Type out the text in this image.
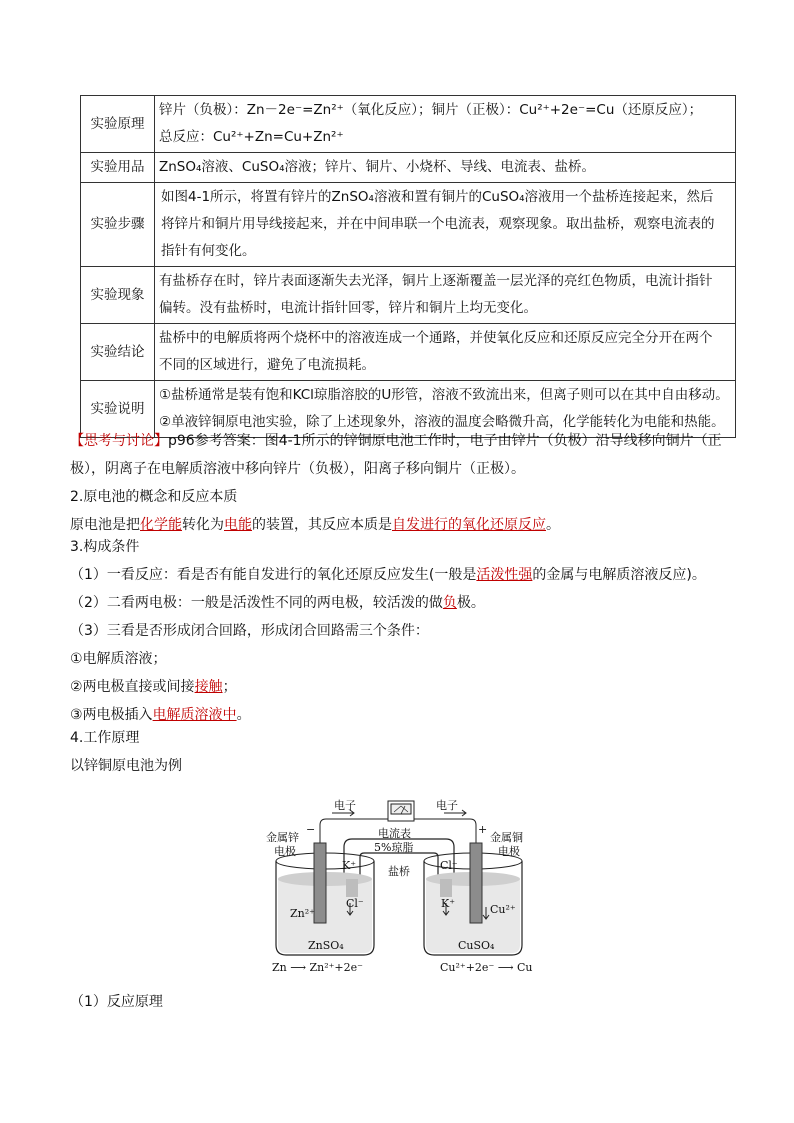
实验原理	锌片（负极）：Zn－2e⁻=Zn²⁺（氧化反应）；铜片（正极）：Cu²⁺+2e⁻=Cu（还原反应）；
总反应：Cu²⁺+Zn=Cu+Zn²⁺

实验用品	ZnSO₄溶液、CuSO₄溶液；锌片、铜片、小烧杯、导线、电流表、盐桥。

实验步骤	如图4-1所示，将置有锌片的ZnSO₄溶液和置有铜片的CuSO₄溶液用一个盐桥连接起来，然后
将锌片和铜片用导线接起来，并在中间串联一个电流表，观察现象。取出盐桥，观察电流表的
指针有何变化。

实验现象	有盐桥存在时，锌片表面逐渐失去光泽，铜片上逐渐覆盖一层光泽的亮红色物质，电流计指针
偏转。没有盐桥时，电流计指针回零，锌片和铜片上均无变化。

实验结论	盐桥中的电解质将两个烧杯中的溶液连成一个通路，并使氧化反应和还原反应完全分开在两个
不同的区域进行，避免了电流损耗。

实验说明	①盐桥通常是装有饱和KCl琼脂溶胶的U形管，溶液不致流出来，但离子则可以在其中自由移动。
②单液锌铜原电池实验，除了上述现象外，溶液的温度会略微升高，化学能转化为电能和热能。
【思考与讨论】p96参考答案：图4-1所示的锌铜原电池工作时，电子由锌片（负极）沿导线移向铜片（正
极），阴离子在电解质溶液中移向锌片（负极），阳离子移向铜片（正极）。
2.原电池的概念和反应本质
原电池是把化学能转化为电能的装置，其反应本质是自发进行的氧化还原反应。
3.构成条件
（1）一看反应：看是否有能自发进行的氧化还原反应发生(一般是活泼性强的金属与电解质溶液反应)。
（2）二看两电极：一般是活泼性不同的两电极，较活泼的做负极。
（3）三看是否形成闭合回路，形成闭合回路需三个条件：
①电解质溶液；
②两电极直接或间接接触；
③两电极插入电解质溶液中。
4.工作原理
以锌铜原电池为例
电子	电子
电流表
金属锌
电极
金属铜
电极
−	+
5%琼脂
盐桥
K⁺
Cl⁻
Cl⁻
K⁺
Zn²⁺	Cu²⁺
ZnSO₄	CuSO₄
Zn ⟶ Zn²⁺+2e⁻	Cu²⁺+2e⁻ ⟶ Cu
（1）反应原理
